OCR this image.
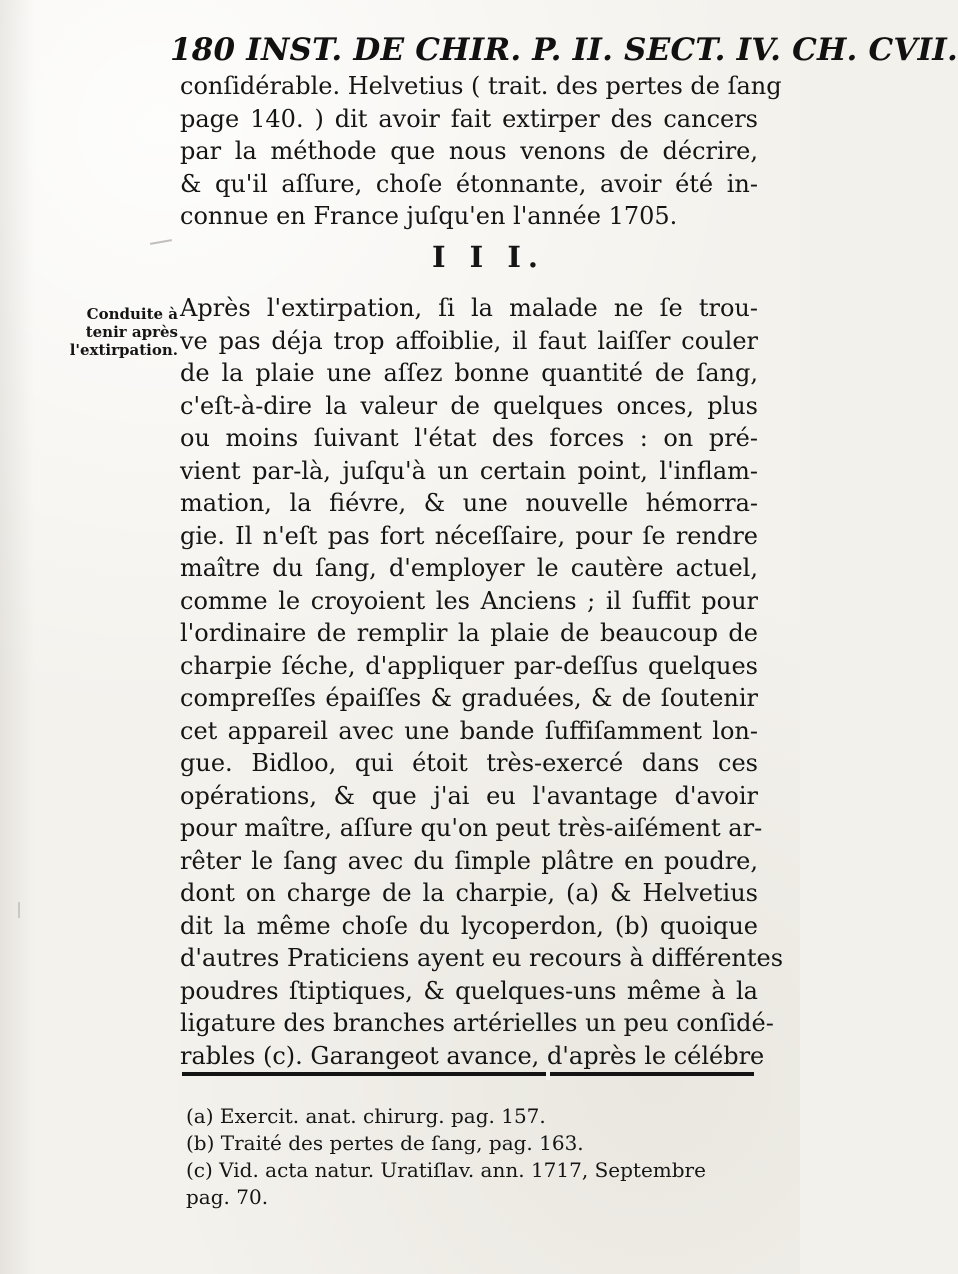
180 INST. DE CHIR. P. II. SECT. IV. CH. CVII.
conſidérable. Helvetius ( trait. des pertes de ſang
page 140. ) dit avoir fait extirper des cancers
par la méthode que nous venons de décrire,
& qu'il aſſure, choſe étonnante, avoir été in-
connue en France juſqu'en l'année 1705.
I I I.
Conduite à
tenir après
l'extirpation.
Après l'extirpation, ſi la malade ne ſe trou-
ve pas déja trop affoiblie, il faut laiſſer couler
de la plaie une aſſez bonne quantité de ſang,
c'eſt-à-dire la valeur de quelques onces, plus
ou moins ſuivant l'état des forces : on pré-
vient par-là, juſqu'à un certain point, l'inflam-
mation, la fiévre, & une nouvelle hémorra-
gie. Il n'eſt pas fort néceſſaire, pour ſe rendre
maître du ſang, d'employer le cautère actuel,
comme le croyoient les Anciens ; il ſuffit pour
l'ordinaire de remplir la plaie de beaucoup de
charpie ſéche, d'appliquer par-deſſus quelques
compreſſes épaiſſes & graduées, & de ſoutenir
cet appareil avec une bande ſuffiſamment lon-
gue. Bidloo, qui étoit très-exercé dans ces
opérations, & que j'ai eu l'avantage d'avoir
pour maître, aſſure qu'on peut très-aiſément ar-
rêter le ſang avec du ſimple plâtre en poudre,
dont on charge de la charpie, (a) & Helvetius
dit la même choſe du lycoperdon, (b) quoique
d'autres Praticiens ayent eu recours à différentes
poudres ſtiptiques, & quelques-uns même à la
ligature des branches artérielles un peu conſidé-
rables (c). Garangeot avance, d'après le célébre
(a) Exercit. anat. chirurg. pag. 157.
(b) Traité des pertes de ſang, pag. 163.
(c) Vid. acta natur. Uratiſlav. ann. 1717, Septembre
pag. 70.
